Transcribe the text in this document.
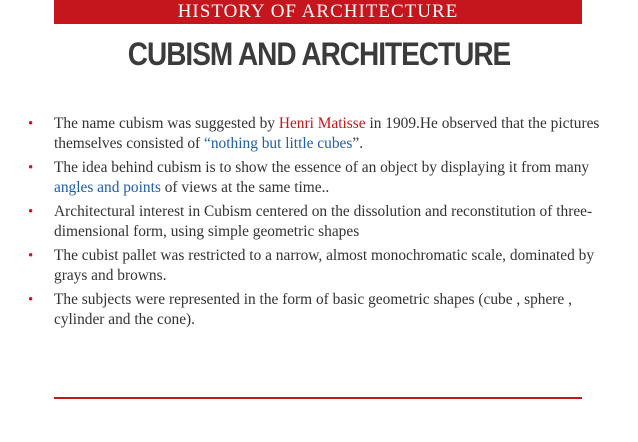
HISTORY OF ARCHITECTURE
CUBISM AND ARCHITECTURE
• The name cubism was suggested by Henri Matisse in 1909.He observed that the pictures themselves consisted of “nothing but little cubes”.
• The idea behind cubism is to show the essence of an object by displaying it from many angles and points of views at the same time..
• Architectural interest in Cubism centered on the dissolution and reconstitution of three-dimensional form, using simple geometric shapes
• The cubist pallet was restricted to a narrow, almost monochromatic scale, dominated by grays and browns.
• The subjects were represented in the form of basic geometric shapes (cube , sphere , cylinder and the cone).
